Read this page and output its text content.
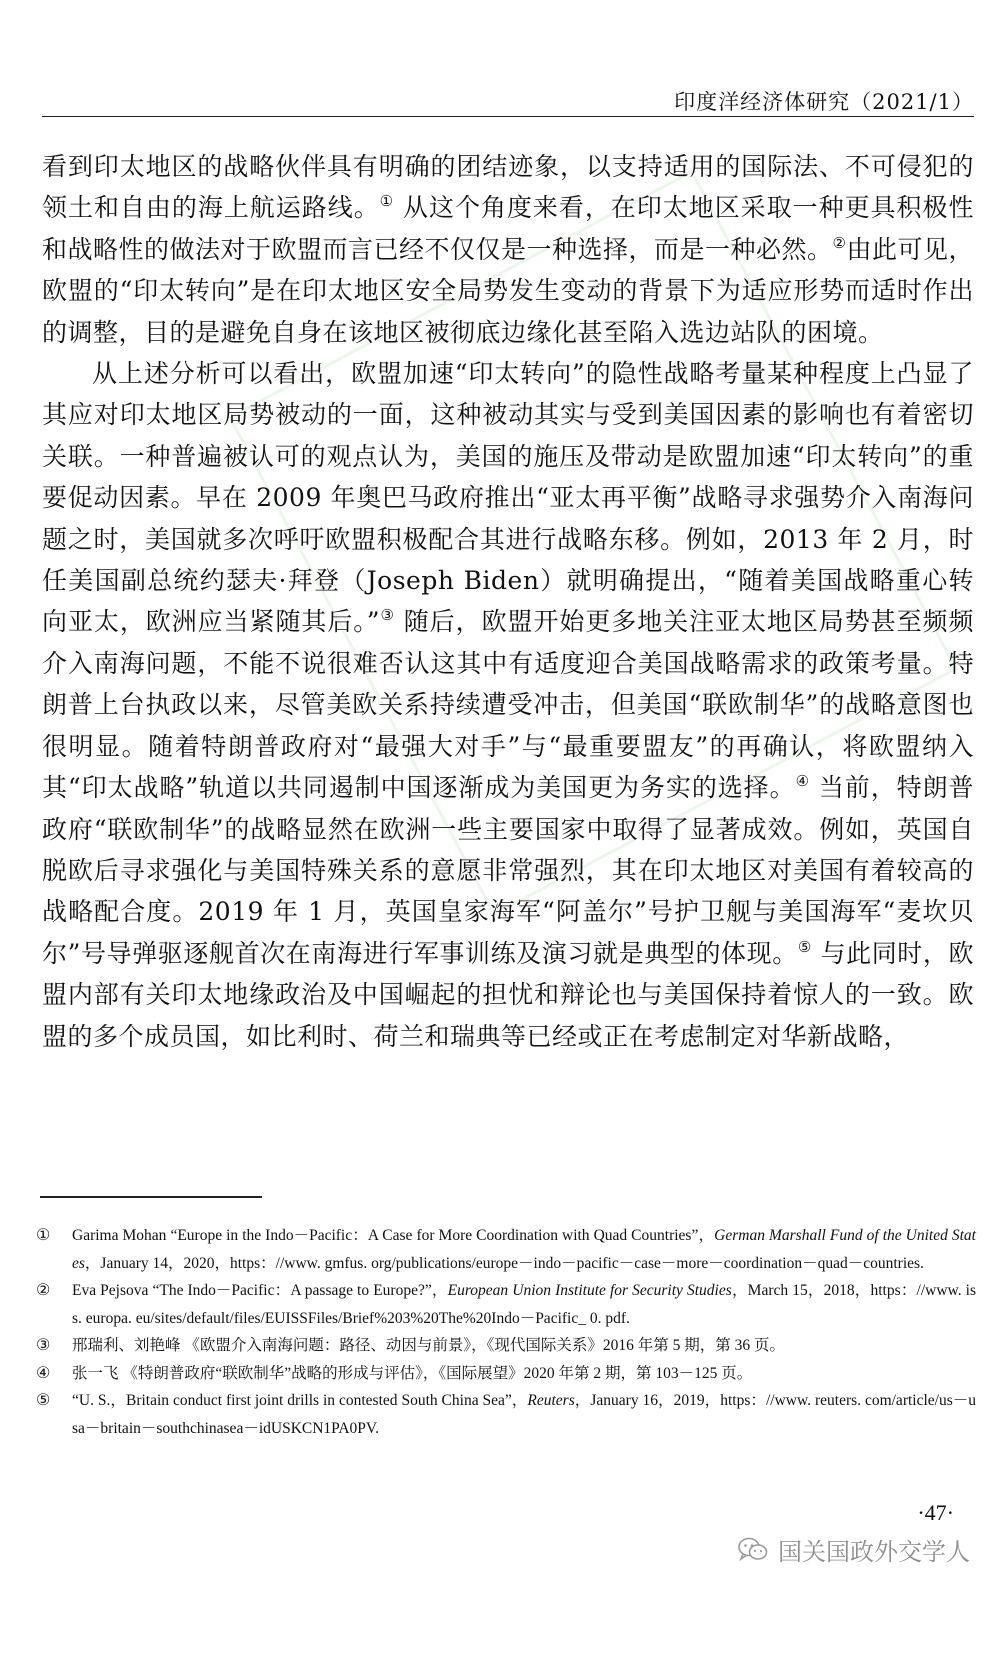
印度洋经济体研究（2021/1）

看到印太地区的战略伙伴具有明确的团结迹象，以支持适用的国际法、不可侵犯的领土和自由的海上航运路线。① 从这个角度来看，在印太地区采取一种更具积极性和战略性的做法对于欧盟而言已经不仅仅是一种选择，而是一种必然。②由此可见，欧盟的“印太转向”是在印太地区安全局势发生变动的背景下为适应形势而适时作出的调整，目的是避免自身在该地区被彻底边缘化甚至陷入选边站队的困境。

从上述分析可以看出，欧盟加速“印太转向”的隐性战略考量某种程度上凸显了其应对印太地区局势被动的一面，这种被动其实与受到美国因素的影响也有着密切关联。一种普遍被认可的观点认为，美国的施压及带动是欧盟加速“印太转向”的重要促动因素。早在 2009 年奥巴马政府推出“亚太再平衡”战略寻求强势介入南海问题之时，美国就多次呼吁欧盟积极配合其进行战略东移。例如，2013 年 2 月，时任美国副总统约瑟夫·拜登（Joseph Biden）就明确提出，“随着美国战略重心转向亚太，欧洲应当紧随其后。”③ 随后，欧盟开始更多地关注亚太地区局势甚至频频介入南海问题，不能不说很难否认这其中有适度迎合美国战略需求的政策考量。特朗普上台执政以来，尽管美欧关系持续遭受冲击，但美国“联欧制华”的战略意图也很明显。随着特朗普政府对“最强大对手”与“最重要盟友”的再确认，将欧盟纳入其“印太战略”轨道以共同遏制中国逐渐成为美国更为务实的选择。④ 当前，特朗普政府“联欧制华”的战略显然在欧洲一些主要国家中取得了显著成效。例如，英国自脱欧后寻求强化与美国特殊关系的意愿非常强烈，其在印太地区对美国有着较高的战略配合度。2019 年 1 月，英国皇家海军“阿盖尔”号护卫舰与美国海军“麦坎贝尔”号导弹驱逐舰首次在南海进行军事训练及演习就是典型的体现。⑤ 与此同时，欧盟内部有关印太地缘政治及中国崛起的担忧和辩论也与美国保持着惊人的一致。欧盟的多个成员国，如比利时、荷兰和瑞典等已经或正在考虑制定对华新战略，

①	Garima Mohan “Europe in the Indo－Pacific：A Case for More Coordination with Quad Countries”，German Marshall Fund of the United States，January 14，2020，https：//www. gmfus. org/publications/europe－indo－pacific－case－more－coordination－quad－countries.
②	Eva Pejsova “The Indo－Pacific：A passage to Europe?”，European Union Institute for Security Studies，March 15，2018，https：//www. iss. europa. eu/sites/default/files/EUISSFiles/Brief%203%20The%20Indo－Pacific_ 0. pdf.
③	邢瑞利、刘艳峰 《欧盟介入南海问题：路径、动因与前景》，《现代国际关系》2016 年第 5 期，第 36 页。
④	张一飞 《特朗普政府“联欧制华”战略的形成与评估》，《国际展望》2020 年第 2 期，第 103－125 页。
⑤	“U. S.，Britain conduct first joint drills in contested South China Sea”，Reuters，January 16，2019，https：//www. reuters. com/article/us－usa－britain－southchinasea－idUSKCN1PA0PV.
·47·
国关国政外交学人
